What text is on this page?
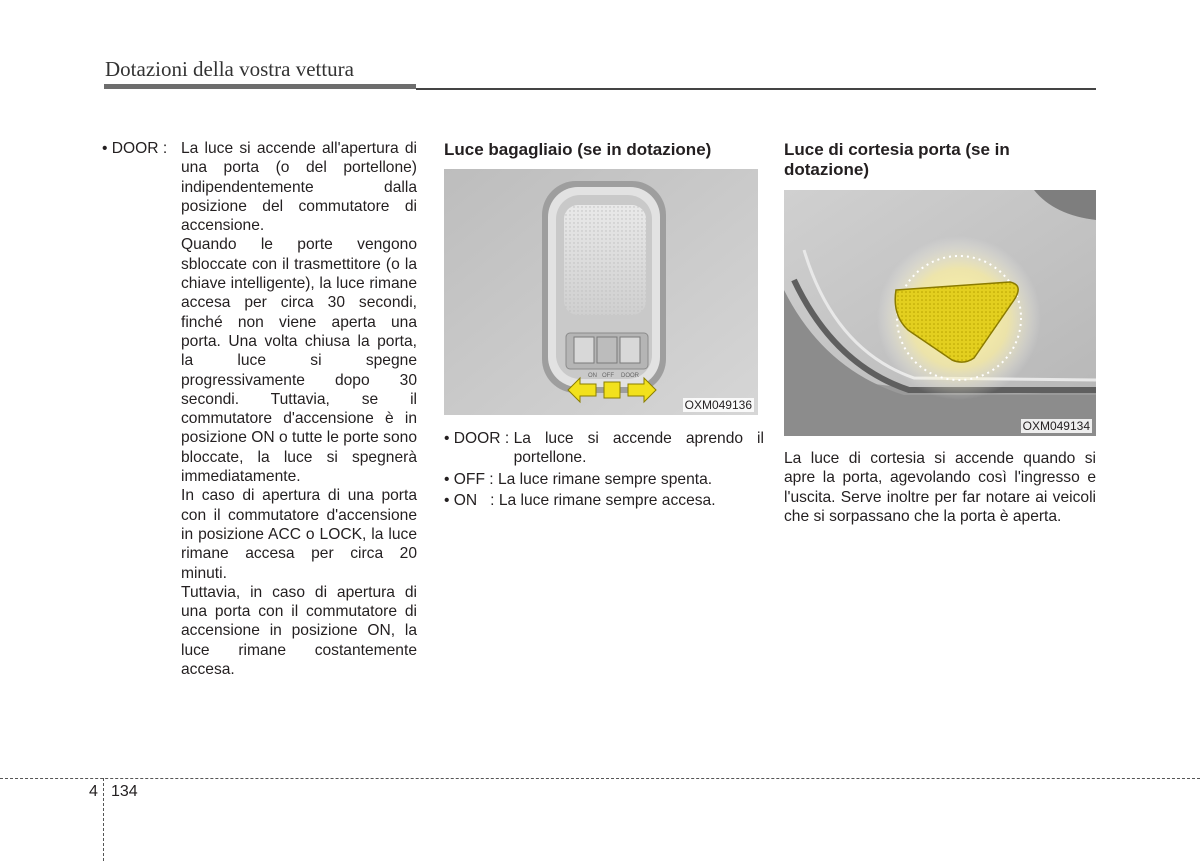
Dotazioni della vostra vettura
• DOOR : La luce si accende all'apertura di una porta (o del portellone) indipendentemente dalla posizione del commutatore di accensione.

Quando le porte vengono sbloccate con il trasmettitore (o la chiave intelligente), la luce rimane accesa per circa 30 secondi, finché non viene aperta una porta. Una volta chiusa la porta, la luce si spegne progressivamente dopo 30 secondi. Tuttavia, se il commutatore d'accensione è in posizione ON o tutte le porte sono bloccate, la luce si spegnerà immediatamente.

In caso di apertura di una porta con il commutatore d'accensione in posizione ACC o LOCK, la luce rimane accesa per circa 20 minuti.

Tuttavia, in caso di apertura di una porta con il commutatore di accensione in posizione ON, la luce rimane costantemente accesa.

Luce bagagliaio (se in dotazione)
ON OFF DOOR
OXM049136
• DOOR : La luce si accende aprendo il portellone.
• OFF : La luce rimane sempre spenta.
• ON   : La luce rimane sempre accesa.
Luce di cortesia porta (se in dotazione)
OXM049134
La luce di cortesia si accende quando si apre la porta, agevolando così l'ingresso e l'uscita. Serve inoltre per far notare ai veicoli che si sorpassano che la porta è aperta.
4 134
